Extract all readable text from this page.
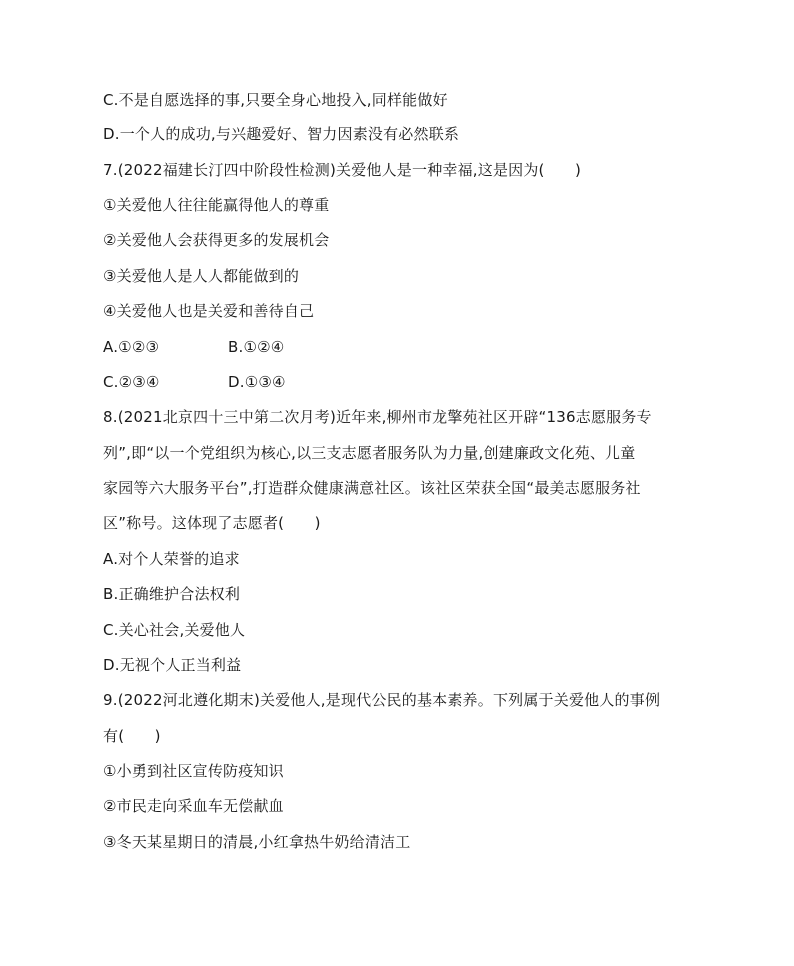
C.不是自愿选择的事,只要全身心地投入,同样能做好
D.一个人的成功,与兴趣爱好、智力因素没有必然联系
7.(2022福建长汀四中阶段性检测)关爱他人是一种幸福,这是因为(　　)
①关爱他人往往能赢得他人的尊重
②关爱他人会获得更多的发展机会
③关爱他人是人人都能做到的
④关爱他人也是关爱和善待自己
A.①②③	B.①②④
C.②③④	D.①③④
8.(2021北京四十三中第二次月考)近年来,柳州市龙擎苑社区开辟“136志愿服务专
列”,即“以一个党组织为核心,以三支志愿者服务队为力量,创建廉政文化苑、儿童
家园等六大服务平台”,打造群众健康满意社区。该社区荣获全国“最美志愿服务社
区”称号。这体现了志愿者(　　)
A.对个人荣誉的追求
B.正确维护合法权利
C.关心社会,关爱他人
D.无视个人正当利益
9.(2022河北遵化期末)关爱他人,是现代公民的基本素养。下列属于关爱他人的事例
有(　　)
①小勇到社区宣传防疫知识
②市民走向采血车无偿献血
③冬天某星期日的清晨,小红拿热牛奶给清洁工
